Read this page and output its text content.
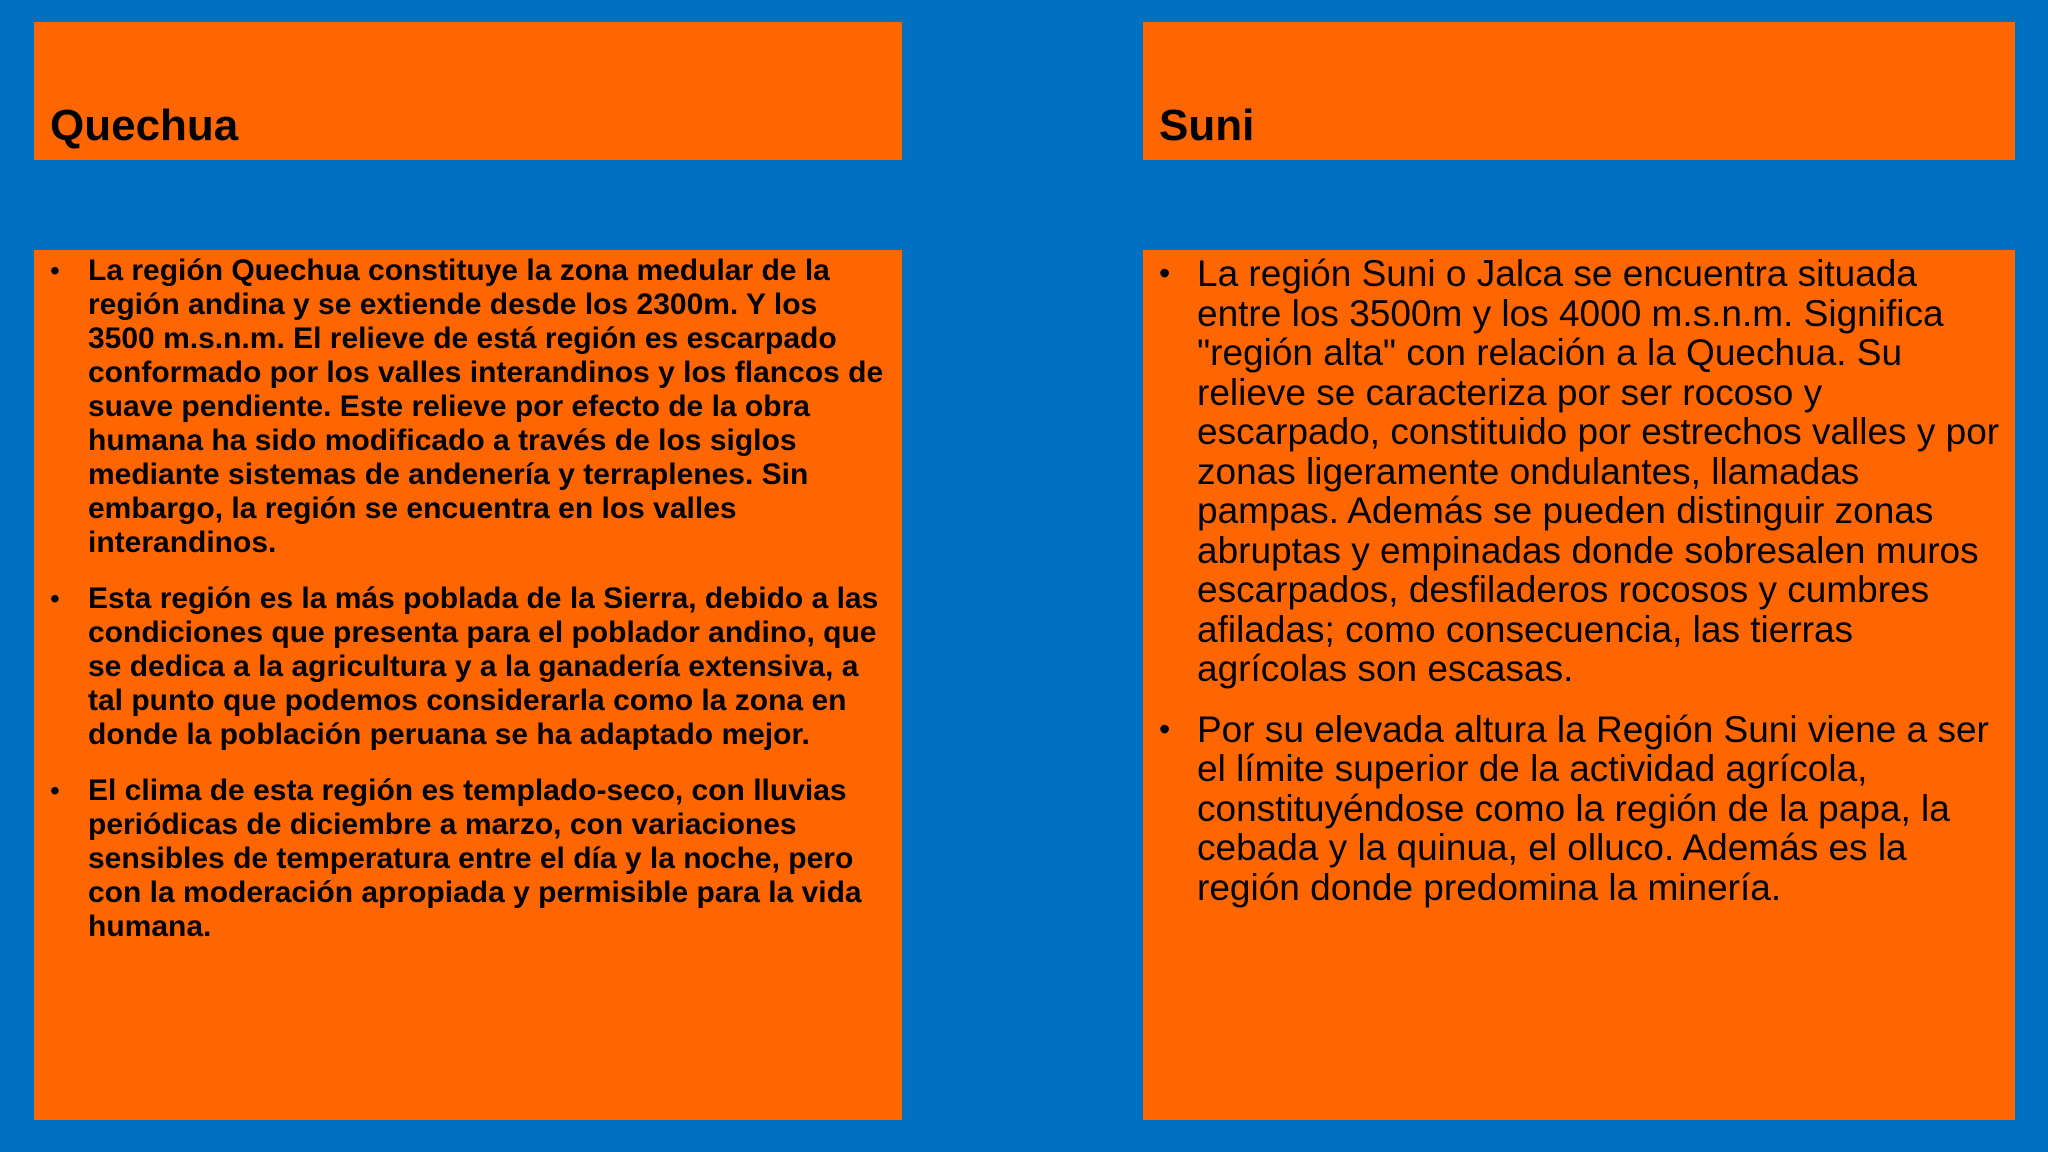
Quechua	Suni
• La región Quechua constituye la zona medular de la región andina y se extiende desde los 2300m. Y los 3500 m.s.n.m. El relieve de está región es escarpado conformado por los valles interandinos y los flancos de suave pendiente. Este relieve por efecto de la obra humana ha sido modificado a través de los siglos mediante sistemas de andenería y terraplenes. Sin embargo, la región se encuentra en los valles interandinos.
• Esta región es la más poblada de la Sierra, debido a las condiciones que presenta para el poblador andino, que se dedica a la agricultura y a la ganadería extensiva, a tal punto que podemos considerarla como la zona en donde la población peruana se ha adaptado mejor.
• El clima de esta región es templado-seco, con lluvias periódicas de diciembre a marzo, con variaciones sensibles de temperatura entre el día y la noche, pero con la moderación apropiada y permisible para la vida humana.
• La región Suni o Jalca se encuentra situada entre los 3500m y los 4000 m.s.n.m. Significa "región alta" con relación a la Quechua. Su relieve se caracteriza por ser rocoso y escarpado, constituido por estrechos valles y por zonas ligeramente ondulantes, llamadas pampas. Además se pueden distinguir zonas abruptas y empinadas donde sobresalen muros escarpados, desfiladeros rocosos y cumbres afiladas; como consecuencia, las tierras agrícolas son escasas.
• Por su elevada altura la Región Suni viene a ser el límite superior de la actividad agrícola, constituyéndose como la región de la papa, la cebada y la quinua, el olluco. Además es la región donde predomina la minería.
